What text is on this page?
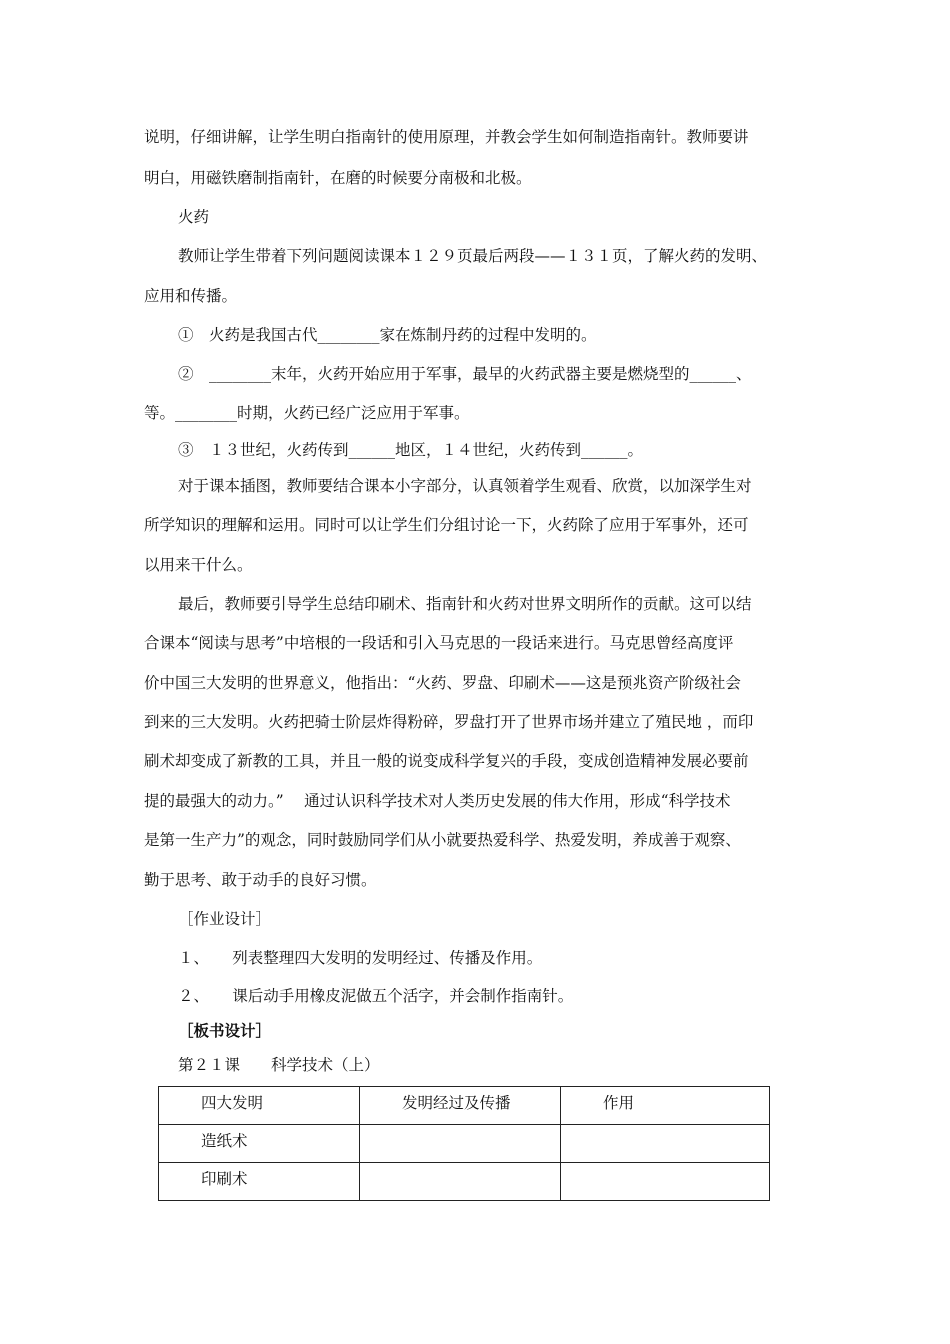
说明，仔细讲解，让学生明白指南针的使用原理，并教会学生如何制造指南针。教师要讲
明白，用磁铁磨制指南针，在磨的时候要分南极和北极。
火药
教师让学生带着下列问题阅读课本１２９页最后两段——１３１页，了解火药的发明、
应用和传播。
①　火药是我国古代________家在炼制丹药的过程中发明的。
②　________末年，火药开始应用于军事，最早的火药武器主要是燃烧型的______、
等。________时期，火药已经广泛应用于军事。
③　１３世纪，火药传到______地区，１４世纪，火药传到______。
对于课本插图，教师要结合课本小字部分，认真领着学生观看、欣赏，以加深学生对
所学知识的理解和运用。同时可以让学生们分组讨论一下，火药除了应用于军事外，还可
以用来干什么。
最后，教师要引导学生总结印刷术、指南针和火药对世界文明所作的贡献。这可以结
合课本“阅读与思考”中培根的一段话和引入马克思的一段话来进行。马克思曾经高度评
价中国三大发明的世界意义，他指出：“火药、罗盘、印刷术——这是预兆资产阶级社会
到来的三大发明。火药把骑士阶层炸得粉碎，罗盘打开了世界市场并建立了殖民地 ，而印
刷术却变成了新教的工具，并且一般的说变成科学复兴的手段，变成创造精神发展必要前
提的最强大的动力。”　 通过认识科学技术对人类历史发展的伟大作用，形成“科学技术
是第一生产力”的观念，同时鼓励同学们从小就要热爱科学、热爱发明，养成善于观察、
勤于思考、敢于动手的良好习惯。
［作业设计］
１、　　列表整理四大发明的发明经过、传播及作用。
２、　　课后动手用橡皮泥做五个活字，并会制作指南针。
［板书设计］
第２１课　　科学技术（上）
四大发明	发明经过及传播	作用

造纸术		

印刷术		
